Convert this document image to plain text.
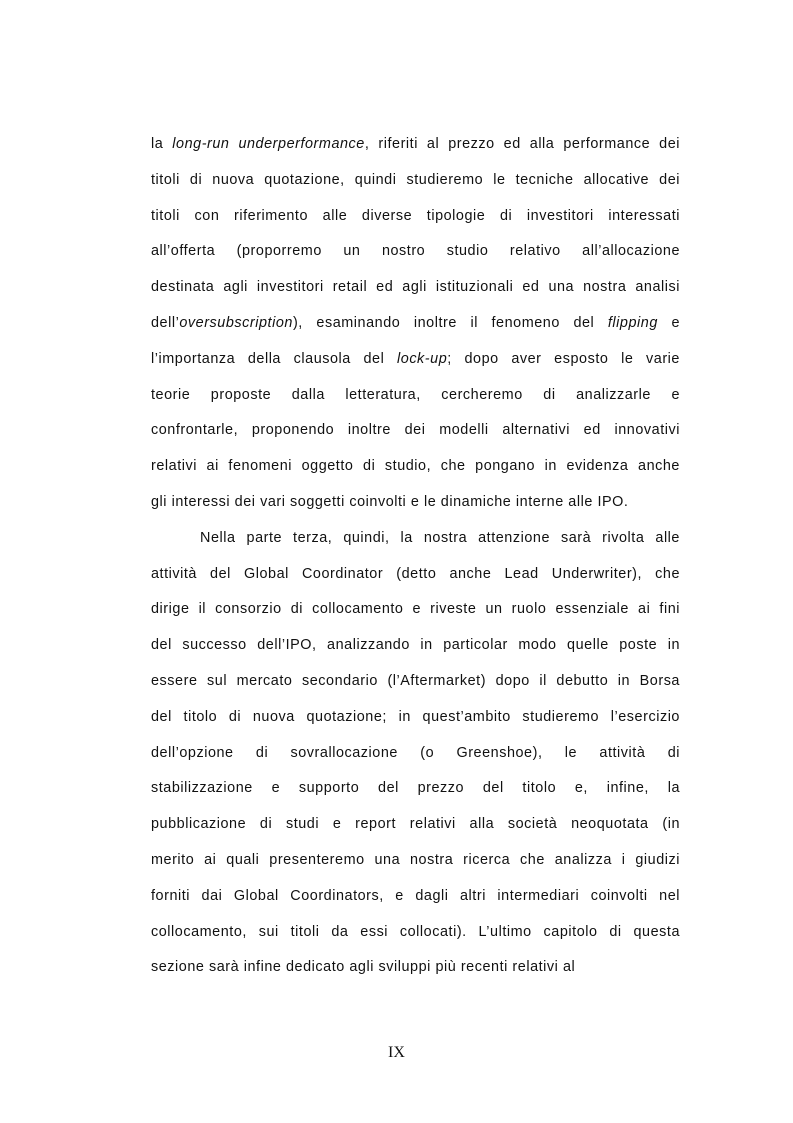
la long-run underperformance, riferiti al prezzo ed alla performance dei
titoli di nuova quotazione, quindi studieremo le tecniche allocative dei
titoli con riferimento alle diverse tipologie di investitori interessati
all’offerta (proporremo un nostro studio relativo all’allocazione
destinata agli investitori retail ed agli istituzionali ed una nostra analisi
dell’oversubscription), esaminando inoltre il fenomeno del flipping e
l’importanza della clausola del lock-up; dopo aver esposto le varie
teorie proposte dalla letteratura, cercheremo di analizzarle e
confrontarle, proponendo inoltre dei modelli alternativi ed innovativi
relativi ai fenomeni oggetto di studio, che pongano in evidenza anche
gli interessi dei vari soggetti coinvolti e le dinamiche interne alle IPO.
Nella parte terza, quindi, la nostra attenzione sarà rivolta alle
attività del Global Coordinator (detto anche Lead Underwriter), che
dirige il consorzio di collocamento e riveste un ruolo essenziale ai fini
del successo dell’IPO, analizzando in particolar modo quelle poste in
essere sul mercato secondario (l’Aftermarket) dopo il debutto in Borsa
del titolo di nuova quotazione; in quest’ambito studieremo l’esercizio
dell’opzione di sovrallocazione (o Greenshoe), le attività di
stabilizzazione e supporto del prezzo del titolo e, infine, la
pubblicazione di studi e report relativi alla società neoquotata (in
merito ai quali presenteremo una nostra ricerca che analizza i giudizi
forniti dai Global Coordinators, e dagli altri intermediari coinvolti nel
collocamento, sui titoli da essi collocati). L’ultimo capitolo di questa
sezione sarà infine dedicato agli sviluppi più recenti relativi al
IX
